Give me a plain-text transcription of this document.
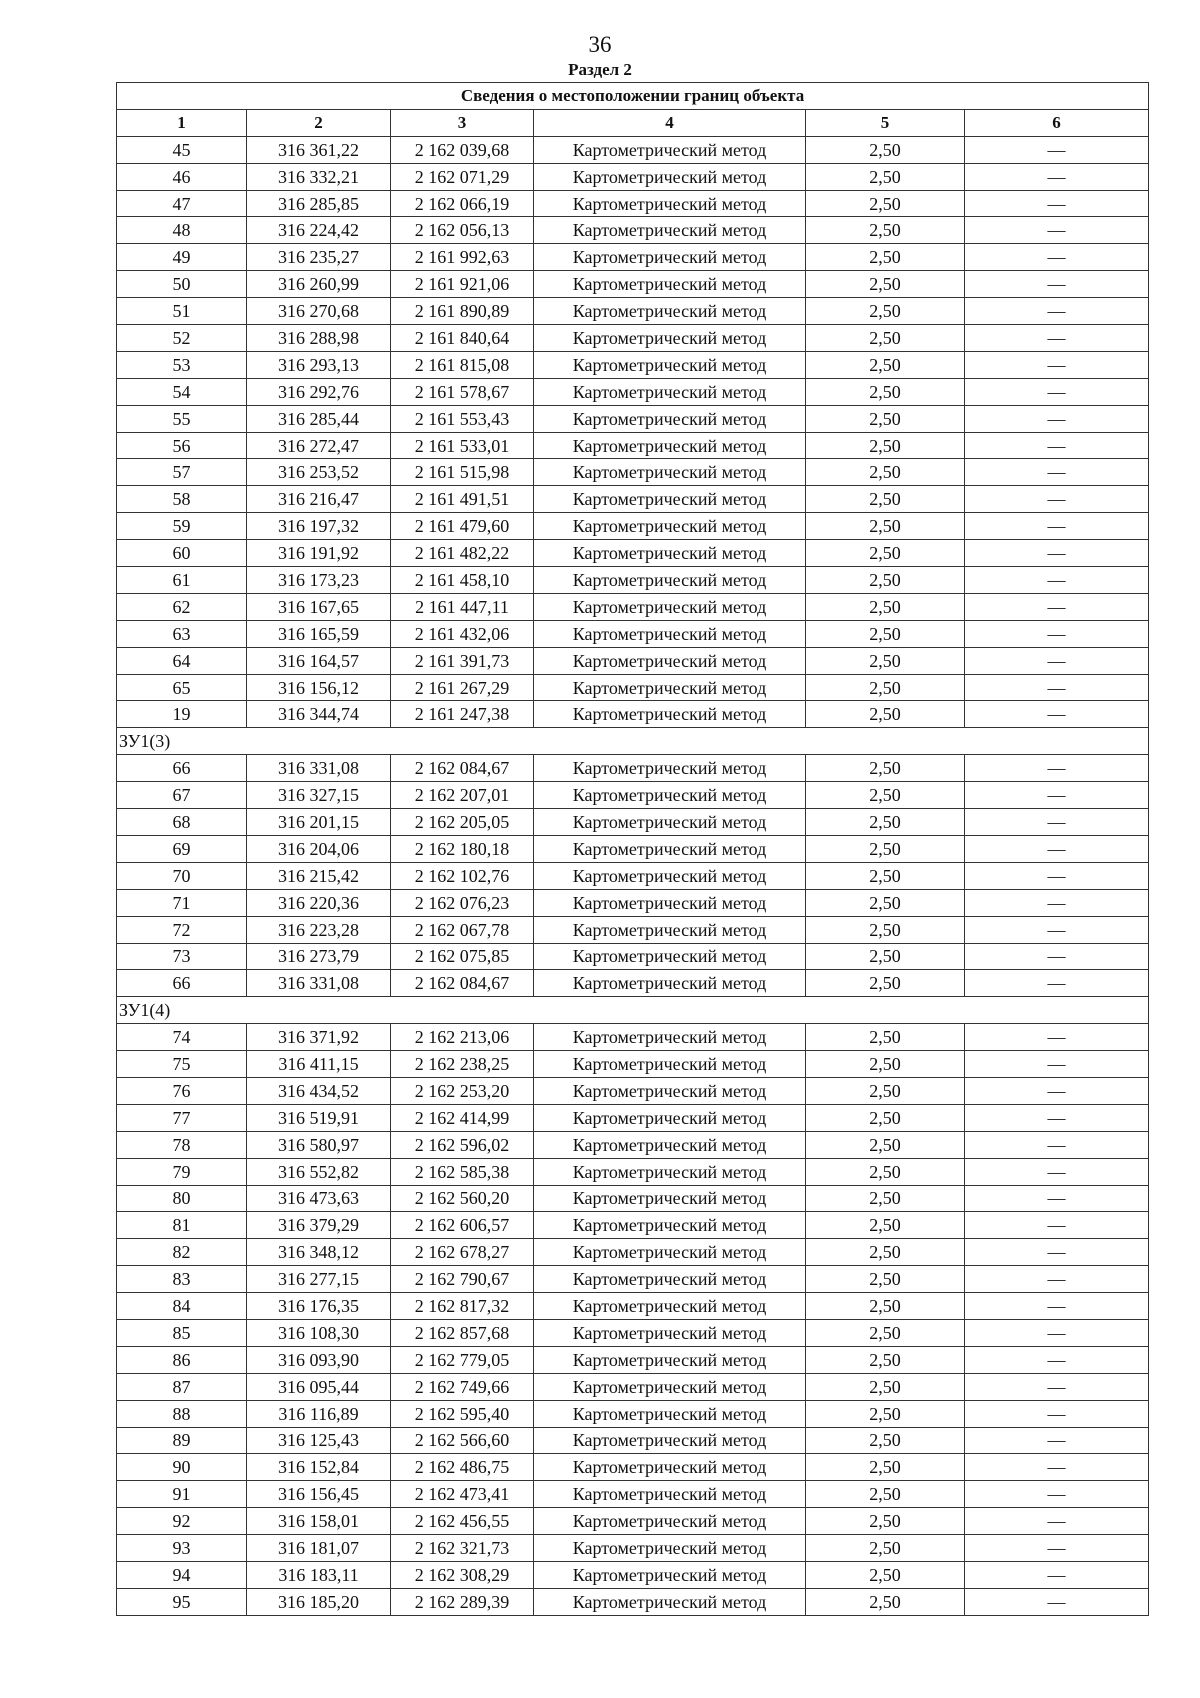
36
Раздел 2
Сведения о местоположении границ объекта					
1	2	3	4	5	6
45	316 361,22	2 162 039,68	Картометрический метод	2,50	—
46	316 332,21	2 162 071,29	Картометрический метод	2,50	—
47	316 285,85	2 162 066,19	Картометрический метод	2,50	—
48	316 224,42	2 162 056,13	Картометрический метод	2,50	—
49	316 235,27	2 161 992,63	Картометрический метод	2,50	—
50	316 260,99	2 161 921,06	Картометрический метод	2,50	—
51	316 270,68	2 161 890,89	Картометрический метод	2,50	—
52	316 288,98	2 161 840,64	Картометрический метод	2,50	—
53	316 293,13	2 161 815,08	Картометрический метод	2,50	—
54	316 292,76	2 161 578,67	Картометрический метод	2,50	—
55	316 285,44	2 161 553,43	Картометрический метод	2,50	—
56	316 272,47	2 161 533,01	Картометрический метод	2,50	—
57	316 253,52	2 161 515,98	Картометрический метод	2,50	—
58	316 216,47	2 161 491,51	Картометрический метод	2,50	—
59	316 197,32	2 161 479,60	Картометрический метод	2,50	—
60	316 191,92	2 161 482,22	Картометрический метод	2,50	—
61	316 173,23	2 161 458,10	Картометрический метод	2,50	—
62	316 167,65	2 161 447,11	Картометрический метод	2,50	—
63	316 165,59	2 161 432,06	Картометрический метод	2,50	—
64	316 164,57	2 161 391,73	Картометрический метод	2,50	—
65	316 156,12	2 161 267,29	Картометрический метод	2,50	—
19	316 344,74	2 161 247,38	Картометрический метод	2,50	—
ЗУ1(3)					
66	316 331,08	2 162 084,67	Картометрический метод	2,50	—
67	316 327,15	2 162 207,01	Картометрический метод	2,50	—
68	316 201,15	2 162 205,05	Картометрический метод	2,50	—
69	316 204,06	2 162 180,18	Картометрический метод	2,50	—
70	316 215,42	2 162 102,76	Картометрический метод	2,50	—
71	316 220,36	2 162 076,23	Картометрический метод	2,50	—
72	316 223,28	2 162 067,78	Картометрический метод	2,50	—
73	316 273,79	2 162 075,85	Картометрический метод	2,50	—
66	316 331,08	2 162 084,67	Картометрический метод	2,50	—
ЗУ1(4)					
74	316 371,92	2 162 213,06	Картометрический метод	2,50	—
75	316 411,15	2 162 238,25	Картометрический метод	2,50	—
76	316 434,52	2 162 253,20	Картометрический метод	2,50	—
77	316 519,91	2 162 414,99	Картометрический метод	2,50	—
78	316 580,97	2 162 596,02	Картометрический метод	2,50	—
79	316 552,82	2 162 585,38	Картометрический метод	2,50	—
80	316 473,63	2 162 560,20	Картометрический метод	2,50	—
81	316 379,29	2 162 606,57	Картометрический метод	2,50	—
82	316 348,12	2 162 678,27	Картометрический метод	2,50	—
83	316 277,15	2 162 790,67	Картометрический метод	2,50	—
84	316 176,35	2 162 817,32	Картометрический метод	2,50	—
85	316 108,30	2 162 857,68	Картометрический метод	2,50	—
86	316 093,90	2 162 779,05	Картометрический метод	2,50	—
87	316 095,44	2 162 749,66	Картометрический метод	2,50	—
88	316 116,89	2 162 595,40	Картометрический метод	2,50	—
89	316 125,43	2 162 566,60	Картометрический метод	2,50	—
90	316 152,84	2 162 486,75	Картометрический метод	2,50	—
91	316 156,45	2 162 473,41	Картометрический метод	2,50	—
92	316 158,01	2 162 456,55	Картометрический метод	2,50	—
93	316 181,07	2 162 321,73	Картометрический метод	2,50	—
94	316 183,11	2 162 308,29	Картометрический метод	2,50	—
95	316 185,20	2 162 289,39	Картометрический метод	2,50	—
